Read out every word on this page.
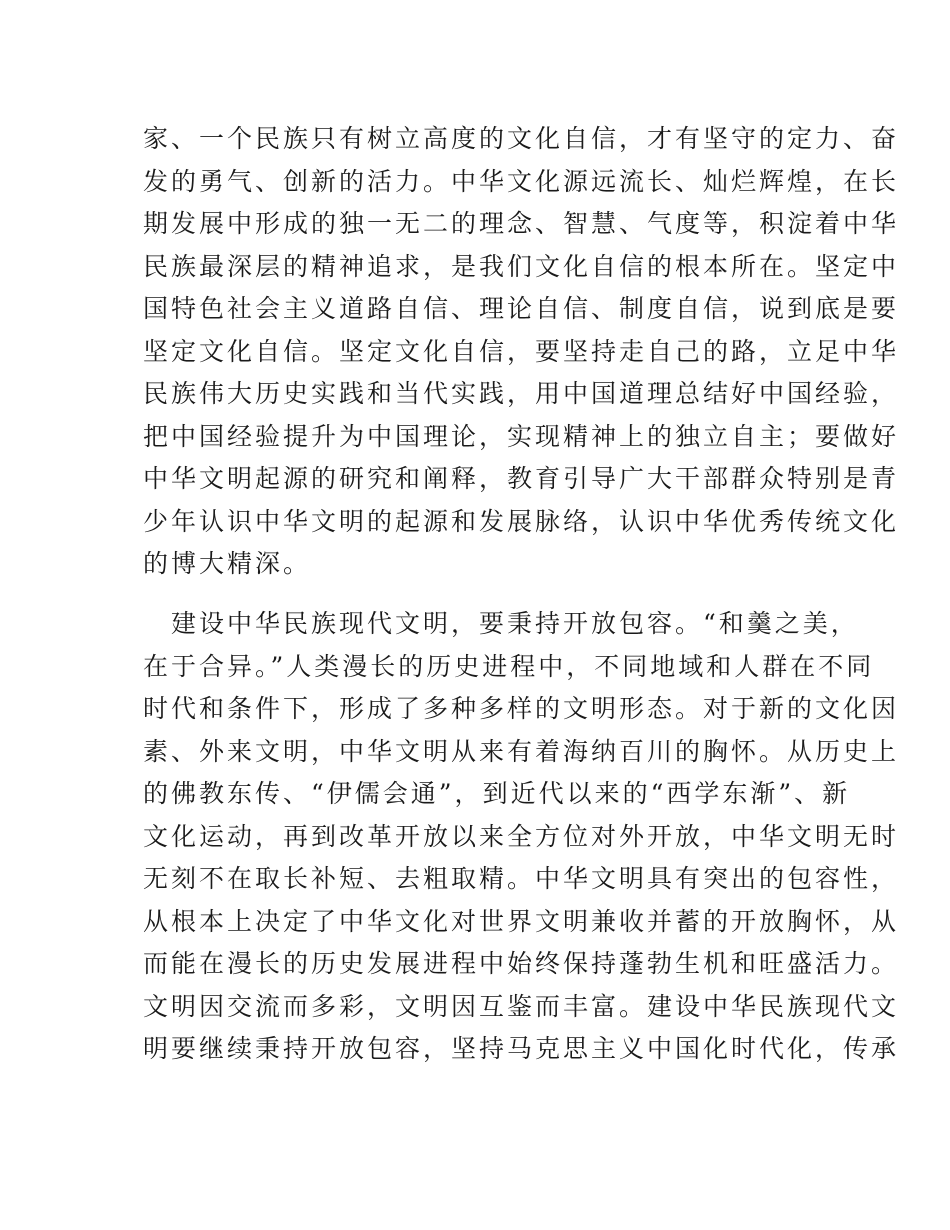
家、一个民族只有树立高度的文化自信，才有坚守的定力、奋
发的勇气、创新的活力。中华文化源远流长、灿烂辉煌，在长
期发展中形成的独一无二的理念、智慧、气度等，积淀着中华
民族最深层的精神追求，是我们文化自信的根本所在。坚定中
国特色社会主义道路自信、理论自信、制度自信，说到底是要
坚定文化自信。坚定文化自信，要坚持走自己的路，立足中华
民族伟大历史实践和当代实践，用中国道理总结好中国经验，
把中国经验提升为中国理论，实现精神上的独立自主；要做好
中华文明起源的研究和阐释，教育引导广大干部群众特别是青
少年认识中华文明的起源和发展脉络，认识中华优秀传统文化
的博大精深。
　建设中华民族现代文明，要秉持开放包容。“和羹之美，
在于合异。”人类漫长的历史进程中，不同地域和人群在不同
时代和条件下，形成了多种多样的文明形态。对于新的文化因
素、外来文明，中华文明从来有着海纳百川的胸怀。从历史上
的佛教东传、“伊儒会通”，到近代以来的“西学东渐”、新
文化运动，再到改革开放以来全方位对外开放，中华文明无时
无刻不在取长补短、去粗取精。中华文明具有突出的包容性，
从根本上决定了中华文化对世界文明兼收并蓄的开放胸怀，从
而能在漫长的历史发展进程中始终保持蓬勃生机和旺盛活力。
文明因交流而多彩，文明因互鉴而丰富。建设中华民族现代文
明要继续秉持开放包容，坚持马克思主义中国化时代化，传承
